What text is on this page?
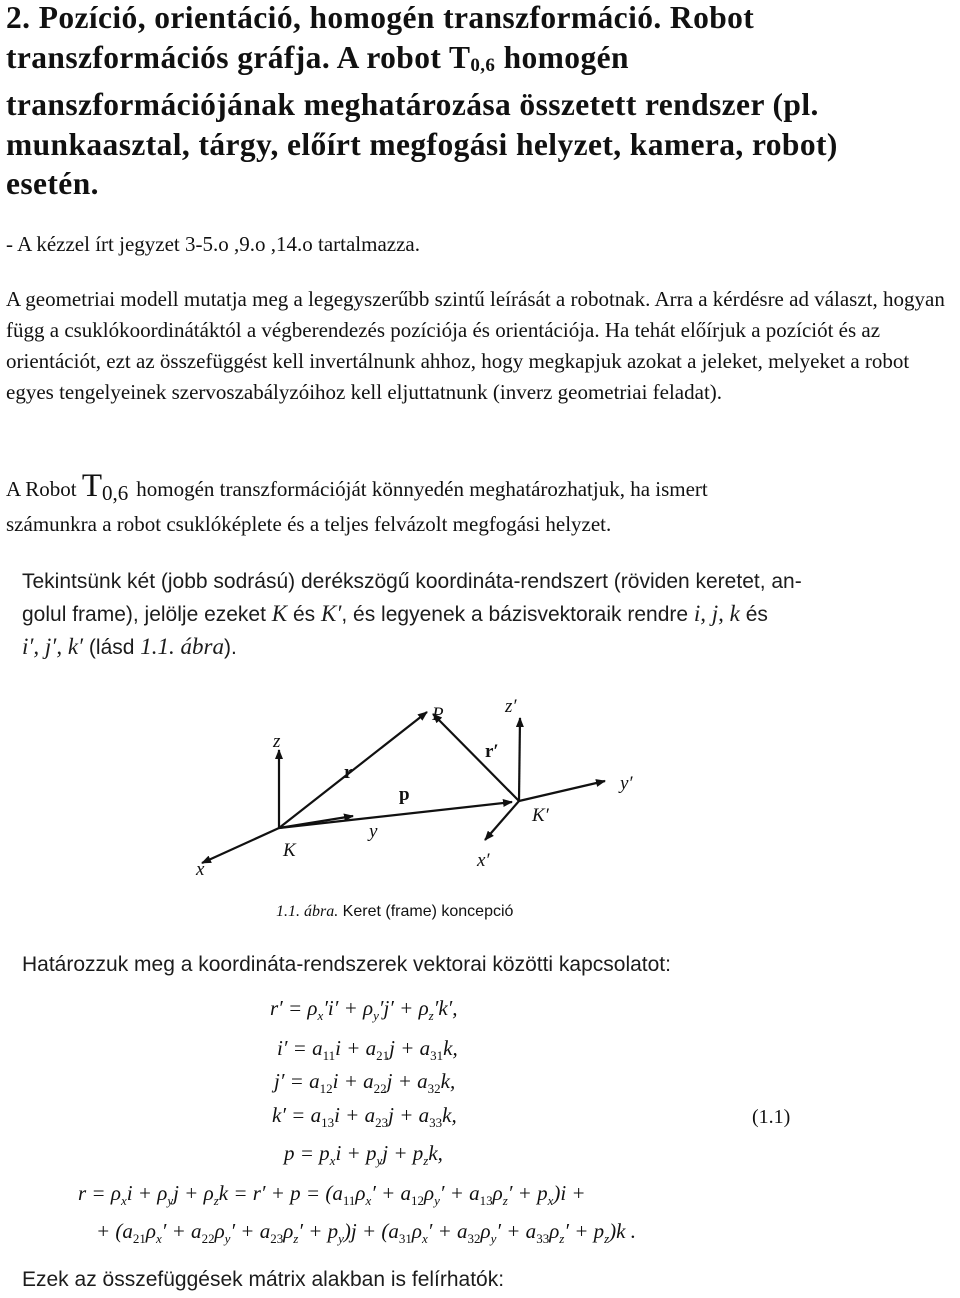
2. Pozíció, orientáció, homogén transzformáció. Robot
transzformációs gráfja. A robot T0,6 homogén
transzformációjának meghatározása összetett rendszer (pl.
munkaasztal, tárgy, előírt megfogási helyzet, kamera, robot)
esetén.
- A kézzel írt jegyzet 3-5.o ,9.o ,14.o tartalmazza.
A geometriai modell mutatja meg a legegyszerűbb szintű leírását a robotnak. Arra a kérdésre ad választ, hogyan függ a csuklókoordinátáktól a végberendezés pozíciója és orientációja. Ha tehát előírjuk a pozíciót és az orientációt, ezt az összefüggést kell invertálnunk ahhoz, hogy megkapjuk azokat a jeleket, melyeket a robot egyes tengelyeinek szervoszabályzóihoz kell eljuttatnunk (inverz geometriai feladat).
A Robot T0,6 homogén transzformációját könnyedén meghatározhatjuk, ha ismert
számunkra a robot csuklóképlete és a teljes felvázolt megfogási helyzet.
Tekintsünk két (jobb sodrású) derékszögű koordináta-rendszert (röviden keretet, an-
golul frame), jelölje ezeket K és K′, és legyenek a bázisvektoraik rendre i, j, k és
i′, j′, k′ (lásd 1.1. ábra).
z
x
y
K
r
p
P
r′
z′
y′
x′
K′
1.1. ábra. Keret (frame) koncepció
Határozzuk meg a koordináta-rendszerek vektorai közötti kapcsolatot:
$r' = \rho_x'i' + \rho_y'j' + \rho_z'k'$,
$i' = a_{11}i + a_{21}j + a_{31}k$,
$j' = a_{12}i + a_{22}j + a_{32}k$,
$k' = a_{13}i + a_{23}j + a_{33}k$,	(1.1)
$p = p_xi + p_yj + p_zk$,
$r = \rho_xi + \rho_yj + \rho_zk = r' + p = (a_{11}\rho_x' + a_{12}\rho_y' + a_{13}\rho_z' + p_x)i$ +
+ $(a_{21}\rho_x' + a_{22}\rho_y' + a_{23}\rho_z' + p_y)j + (a_{31}\rho_x' + a_{32}\rho_y' + a_{33}\rho_z' + p_z)k$ .
Ezek az összefüggések mátrix alakban is felírhatók:
